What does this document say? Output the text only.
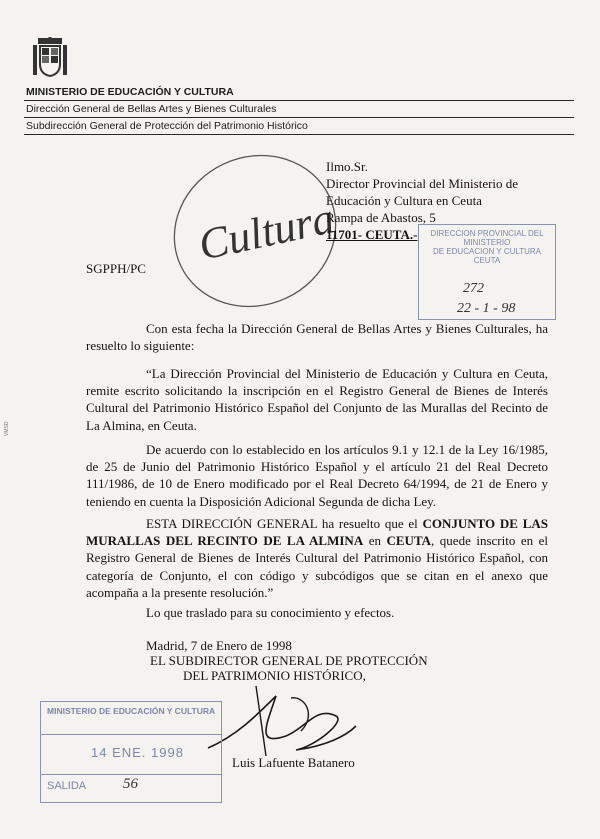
MINISTERIO DE EDUCACIÓN Y CULTURA
Dirección General de Bellas Artes y Bienes Culturales
Subdirección General de Protección del Patrimonio Histórico
Cultura
Ilmo.Sr.
Director Provincial del Ministerio de
Educación y Cultura en Ceuta
Rampa de Abastos, 5
11701- CEUTA.-	DIRECCION PROVINCIAL DEL MINISTERIO
DE EDUCACION Y CULTURA
CEUTA
272
22 - 1 - 98
SGPPH/PC
Con esta fecha la Dirección General de Bellas Artes y Bienes Culturales, ha resuelto lo siguiente:
“La Dirección Provincial del Ministerio de Educación y Cultura en Ceuta, remite escrito solicitando la inscripción en el Registro General de Bienes de Interés Cultural del Patrimonio Histórico Español del Conjunto de las Murallas del Recinto de La Almina, en Ceuta.
De acuerdo con lo establecido en los artículos 9.1 y 12.1 de la Ley 16/1985, de 25 de Junio del Patrimonio Histórico Español y el artículo 21 del Real Decreto 111/1986, de 10 de Enero modificado por el Real Decreto 64/1994, de 21 de Enero y teniendo en cuenta la Disposición Adicional Segunda de dicha Ley.
ESTA DIRECCIÓN GENERAL ha resuelto que el CONJUNTO DE LAS MURALLAS DEL RECINTO DE LA ALMINA en CEUTA, quede inscrito en el Registro General de Bienes de Interés Cultural del Patrimonio Histórico Español, con categoría de Conjunto, el con código y subcódigos que se citan en el anexo que acompaña a la presente resolución.”
Lo que traslado para su conocimiento y efectos.
Madrid, 7 de Enero de 1998
EL SUBDIRECTOR GENERAL DE PROTECCIÓN
DEL PATRIMONIO HISTÓRICO,
Luis Lafuente Batanero
MINISTERIO DE EDUCACIÓN Y CULTURA
14 ENE. 1998
SALIDA 56
VMSD
